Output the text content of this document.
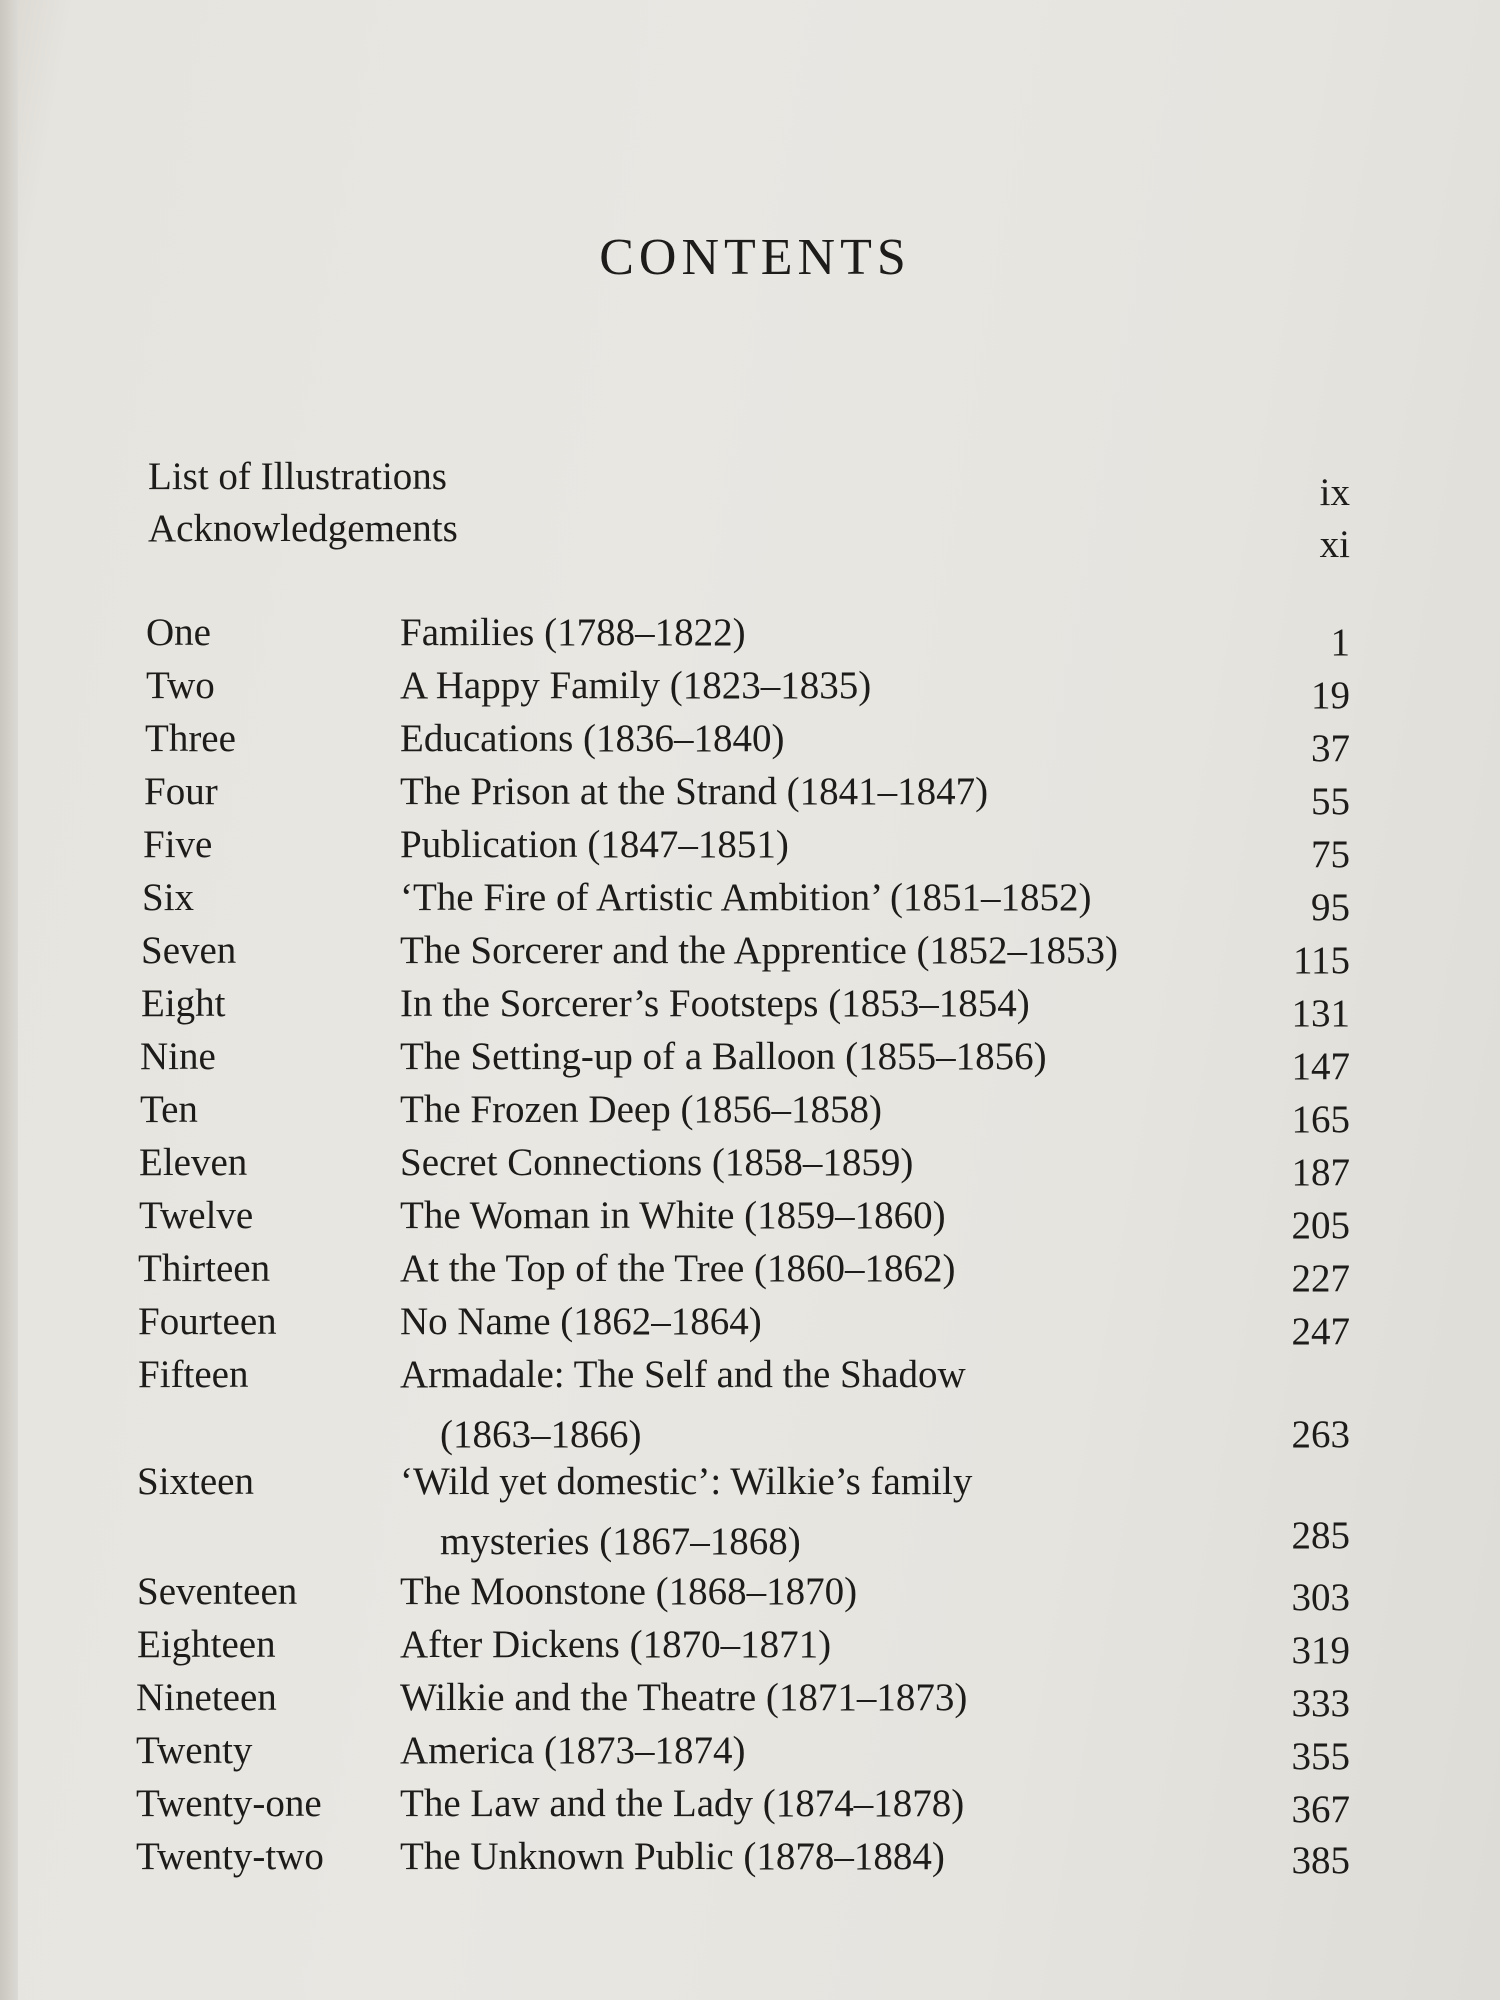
CONTENTS
List of Illustrations	ix
Acknowledgements	xi
One	Families (1788–1822)	1
Two	A Happy Family (1823–1835)	19
Three	Educations (1836–1840)	37
Four	The Prison at the Strand (1841–1847)	55
Five	Publication (1847–1851)	75
Six	‘The Fire of Artistic Ambition’ (1851–1852)	95
Seven	The Sorcerer and the Apprentice (1852–1853)	115
Eight	In the Sorcerer’s Footsteps (1853–1854)	131
Nine	The Setting-up of a Balloon (1855–1856)	147
Ten	The Frozen Deep (1856–1858)	165
Eleven	Secret Connections (1858–1859)	187
Twelve	The Woman in White (1859–1860)	205
Thirteen	At the Top of the Tree (1860–1862)	227
Fourteen	No Name (1862–1864)	247
Fifteen	Armadale: The Self and the Shadow
(1863–1866)	263
Sixteen	‘Wild yet domestic’: Wilkie’s family
mysteries (1867–1868)	285
Seventeen	The Moonstone (1868–1870)	303
Eighteen	After Dickens (1870–1871)	319
Nineteen	Wilkie and the Theatre (1871–1873)	333
Twenty	America (1873–1874)	355
Twenty-one The Law and the Lady (1874–1878)	367
Twenty-two The Unknown Public (1878–1884)	385
